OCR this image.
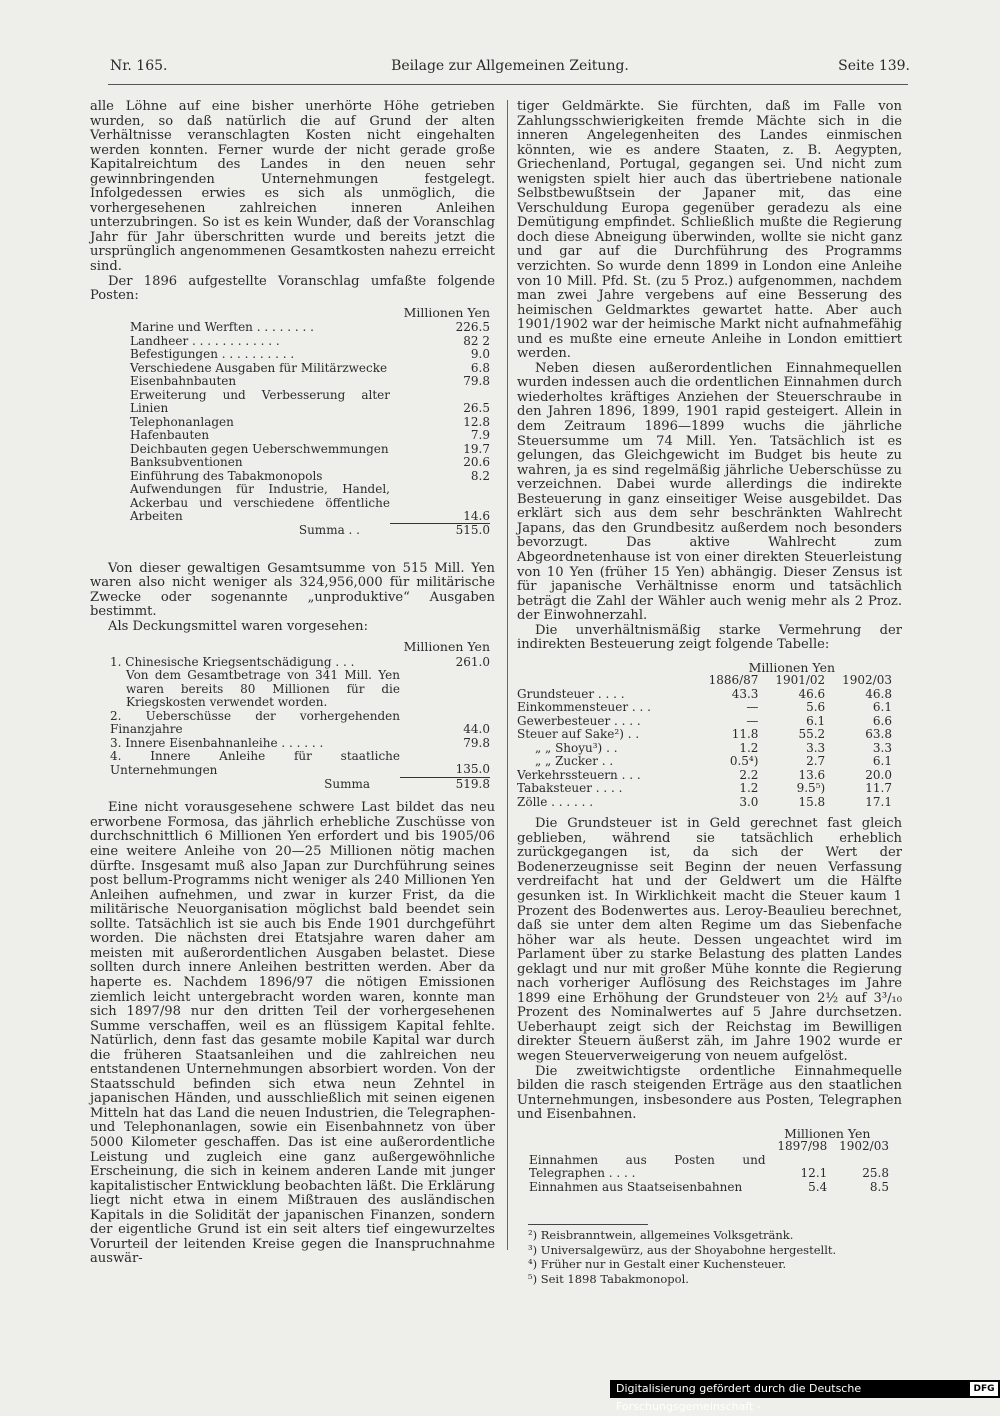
Nr. 165.	Beilage zur Allgemeinen Zeitung.	Seite 139.

alle Löhne auf eine bisher unerhörte Höhe getrieben wurden, so daß natürlich die auf Grund der alten Verhältnisse veranschlagten Kosten nicht eingehalten werden konnten. Ferner wurde der nicht gerade große Kapitalreichtum des Landes in den neuen sehr gewinnbringenden Unternehmungen festgelegt. Infolgedessen erwies es sich als unmöglich, die vorhergesehenen zahlreichen inneren Anleihen unterzubringen. So ist es kein Wunder, daß der Voranschlag Jahr für Jahr überschritten wurde und bereits jetzt die ursprünglich angenommenen Gesamtkosten nahezu erreicht sind.

Der 1896 aufgestellte Voranschlag umfaßte folgende Posten:

	Millionen Yen
Marine und Werften . . . . . . . .	226.5
Landheer . . . . . . . . . . . .	82 2
Befestigungen . . . . . . . . . .	9.0
Verschiedene Ausgaben für Militärzwecke	6.8
Eisenbahnbauten	79.8
Erweiterung und Verbesserung alter Linien	26.5
Telephonanlagen	12.8
Hafenbauten	7.9
Deichbauten gegen Ueberschwemmungen	19.7
Banksubventionen	20.6
Einführung des Tabakmonopols	8.2
Aufwendungen für Industrie, Handel, Ackerbau und verschiedene öffentliche Arbeiten	14.6
Summa . .	515.0

Von dieser gewaltigen Gesamtsumme von 515 Mill. Yen waren also nicht weniger als 324,956,000 für militärische Zwecke oder sogenannte „unproduktive“ Ausgaben bestimmt.

Als Deckungsmittel waren vorgesehen:

	Millionen Yen
1. Chinesische Kriegsentschädigung . . .	261.0
Von dem Gesamtbetrage von 341 Mill. Yen waren bereits 80 Millionen für die Kriegskosten verwendet worden.	
2. Ueberschüsse der vorhergehenden Finanzjahre	44.0
3. Innere Eisenbahnanleihe . . . . . .	79.8
4. Innere Anleihe für staatliche Unternehmungen	135.0
Summa	519.8

Eine nicht vorausgesehene schwere Last bildet das neu erworbene Formosa, das jährlich erhebliche Zuschüsse von durchschnittlich 6 Millionen Yen erfordert und bis 1905/06 eine weitere Anleihe von 20—25 Millionen nötig machen dürfte. Insgesamt muß also Japan zur Durchführung seines post bellum-Programms nicht weniger als 240 Millionen Yen Anleihen aufnehmen, und zwar in kurzer Frist, da die militärische Neuorganisation möglichst bald beendet sein sollte. Tatsächlich ist sie auch bis Ende 1901 durchgeführt worden. Die nächsten drei Etatsjahre waren daher am meisten mit außerordentlichen Ausgaben belastet. Diese sollten durch innere Anleihen bestritten werden. Aber da haperte es. Nachdem 1896/97 die nötigen Emissionen ziemlich leicht untergebracht worden waren, konnte man sich 1897/98 nur den dritten Teil der vorhergesehenen Summe verschaffen, weil es an flüssigem Kapital fehlte. Natürlich, denn fast das gesamte mobile Kapital war durch die früheren Staatsanleihen und die zahlreichen neu entstandenen Unternehmungen absorbiert worden. Von der Staatsschuld befinden sich etwa neun Zehntel in japanischen Händen, und ausschließlich mit seinen eigenen Mitteln hat das Land die neuen Industrien, die Telegraphen- und Telephonanlagen, sowie ein Eisenbahnnetz von über 5000 Kilometer geschaffen. Das ist eine außerordentliche Leistung und zugleich eine ganz außergewöhnliche Erscheinung, die sich in keinem anderen Lande mit junger kapitalistischer Entwicklung beobachten läßt. Die Erklärung liegt nicht etwa in einem Mißtrauen des ausländischen Kapitals in die Solidität der japanischen Finanzen, sondern der eigentliche Grund ist ein seit alters tief eingewurzeltes Vorurteil der leitenden Kreise gegen die Inanspruchnahme auswär-

tiger Geldmärkte. Sie fürchten, daß im Falle von Zahlungsschwierigkeiten fremde Mächte sich in die inneren Angelegenheiten des Landes einmischen könnten, wie es andere Staaten, z. B. Aegypten, Griechenland, Portugal, gegangen sei. Und nicht zum wenigsten spielt hier auch das übertriebene nationale Selbstbewußtsein der Japaner mit, das eine Verschuldung Europa gegenüber geradezu als eine Demütigung empfindet. Schließlich mußte die Regierung doch diese Abneigung überwinden, wollte sie nicht ganz und gar auf die Durchführung des Programms verzichten. So wurde denn 1899 in London eine Anleihe von 10 Mill. Pfd. St. (zu 5 Proz.) aufgenommen, nachdem man zwei Jahre vergebens auf eine Besserung des heimischen Geldmarktes gewartet hatte. Aber auch 1901/1902 war der heimische Markt nicht aufnahmefähig und es mußte eine erneute Anleihe in London emittiert werden.

Neben diesen außerordentlichen Einnahmequellen wurden indessen auch die ordentlichen Einnahmen durch wiederholtes kräftiges Anziehen der Steuerschraube in den Jahren 1896, 1899, 1901 rapid gesteigert. Allein in dem Zeitraum 1896—1899 wuchs die jährliche Steuersumme um 74 Mill. Yen. Tatsächlich ist es gelungen, das Gleichgewicht im Budget bis heute zu wahren, ja es sind regelmäßig jährliche Ueberschüsse zu verzeichnen. Dabei wurde allerdings die indirekte Besteuerung in ganz einseitiger Weise ausgebildet. Das erklärt sich aus dem sehr beschränkten Wahlrecht Japans, das den Grundbesitz außerdem noch besonders bevorzugt. Das aktive Wahlrecht zum Abgeordnetenhause ist von einer direkten Steuerleistung von 10 Yen (früher 15 Yen) abhängig. Dieser Zensus ist für japanische Verhältnisse enorm und tatsächlich beträgt die Zahl der Wähler auch wenig mehr als 2 Proz. der Einwohnerzahl.

Die unverhältnismäßig starke Vermehrung der indirekten Besteuerung zeigt folgende Tabelle:

	Millionen Yen		
	1886/87	1901/02	1902/03
Grundsteuer . . . .	43.3	46.6	46.8
Einkommensteuer . . .	—	5.6	6.1
Gewerbesteuer . . . .	—	6.1	6.6
Steuer auf Sake²) . .	11.8	55.2	63.8
„ „ Shoyu³) . .	1.2	3.3	3.3
„ „ Zucker . .	0.5⁴)	2.7	6.1
Verkehrssteuern . . .	2.2	13.6	20.0
Tabaksteuer . . . .	1.2	9.5⁵)	11.7
Zölle . . . . . .	3.0	15.8	17.1

Die Grundsteuer ist in Geld gerechnet fast gleich geblieben, während sie tatsächlich erheblich zurückgegangen ist, da sich der Wert der Bodenerzeugnisse seit Beginn der neuen Verfassung verdreifacht hat und der Geldwert um die Hälfte gesunken ist. In Wirklichkeit macht die Steuer kaum 1 Prozent des Bodenwertes aus. Leroy-Beaulieu berechnet, daß sie unter dem alten Regime um das Siebenfache höher war als heute. Dessen ungeachtet wird im Parlament über zu starke Belastung des platten Landes geklagt und nur mit großer Mühe konnte die Regierung nach vorheriger Auflösung des Reichstages im Jahre 1899 eine Erhöhung der Grundsteuer von 2½ auf 3³/₁₀ Prozent des Nominalwertes auf 5 Jahre durchsetzen. Ueberhaupt zeigt sich der Reichstag im Bewilligen direkter Steuern äußerst zäh, im Jahre 1902 wurde er wegen Steuerverweigerung von neuem aufgelöst.

Die zweitwichtigste ordentliche Einnahmequelle bilden die rasch steigenden Erträge aus den staatlichen Unternehmungen, insbesondere aus Posten, Telegraphen und Eisenbahnen.

	Millionen Yen	
	1897/98	1902/03
Einnahmen aus Posten und Telegraphen . . . .	12.1	25.8
Einnahmen aus Staatseisenbahnen	5.4	8.5
²) Reisbranntwein, allgemeines Volksgetränk.
³) Universalgewürz, aus der Shoyabohne hergestellt.
⁴) Früher nur in Gestalt einer Kuchensteuer.
⁵) Seit 1898 Tabakmonopol.
Digitalisierung gefördert durch die Deutsche Forschungsgemeinschaft -
DFG
